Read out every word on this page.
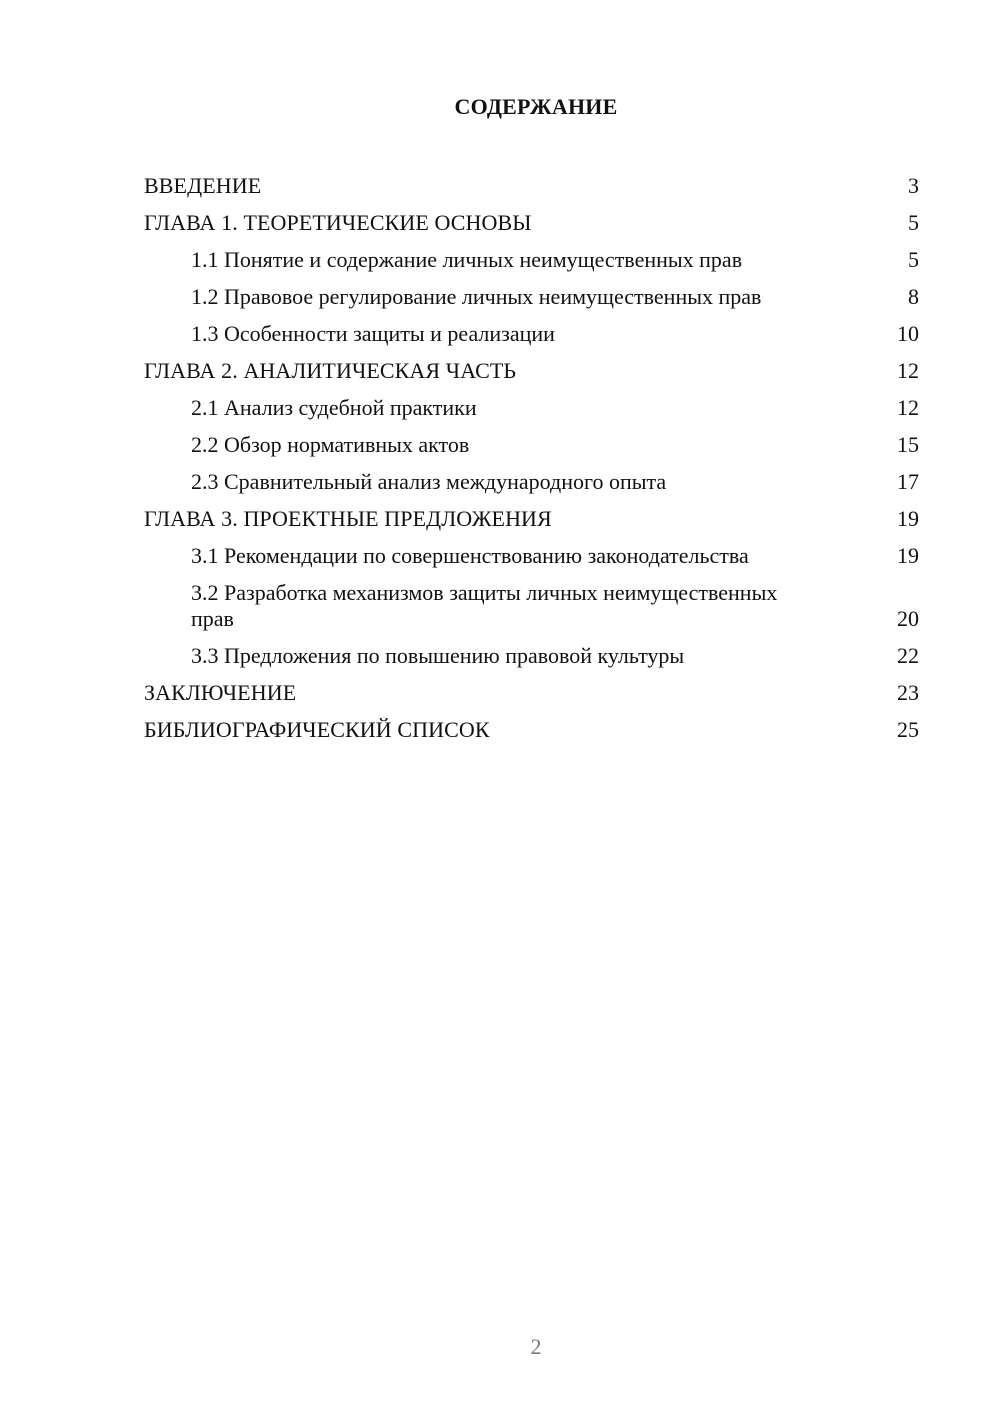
СОДЕРЖАНИЕ
ВВЕДЕНИЕ	3
ГЛАВА 1. ТЕОРЕТИЧЕСКИЕ ОСНОВЫ	5
1.1 Понятие и содержание личных неимущественных прав	5
1.2 Правовое регулирование личных неимущественных прав	8
1.3 Особенности защиты и реализации	10
ГЛАВА 2. АНАЛИТИЧЕСКАЯ ЧАСТЬ	12
2.1 Анализ судебной практики	12
2.2 Обзор нормативных актов	15
2.3 Сравнительный анализ международного опыта	17
ГЛАВА 3. ПРОЕКТНЫЕ ПРЕДЛОЖЕНИЯ	19
3.1 Рекомендации по совершенствованию законодательства	19
3.2 Разработка механизмов защиты личных неимущественных прав	20
3.3 Предложения по повышению правовой культуры	22
ЗАКЛЮЧЕНИЕ	23
БИБЛИОГРАФИЧЕСКИЙ СПИСОК	25
2
